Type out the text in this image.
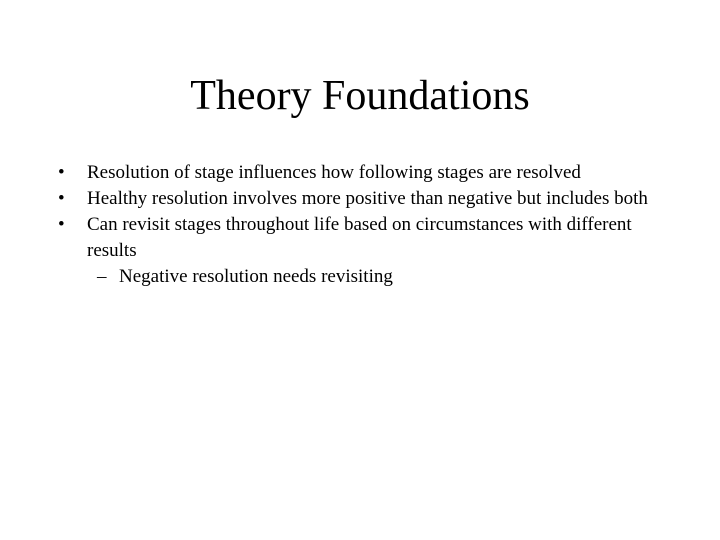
Theory Foundations
•	Resolution of stage influences how following stages are resolved
•	Healthy resolution involves more positive than negative but includes both
•	Can revisit stages throughout life based on circumstances with different results
– Negative resolution needs revisiting
